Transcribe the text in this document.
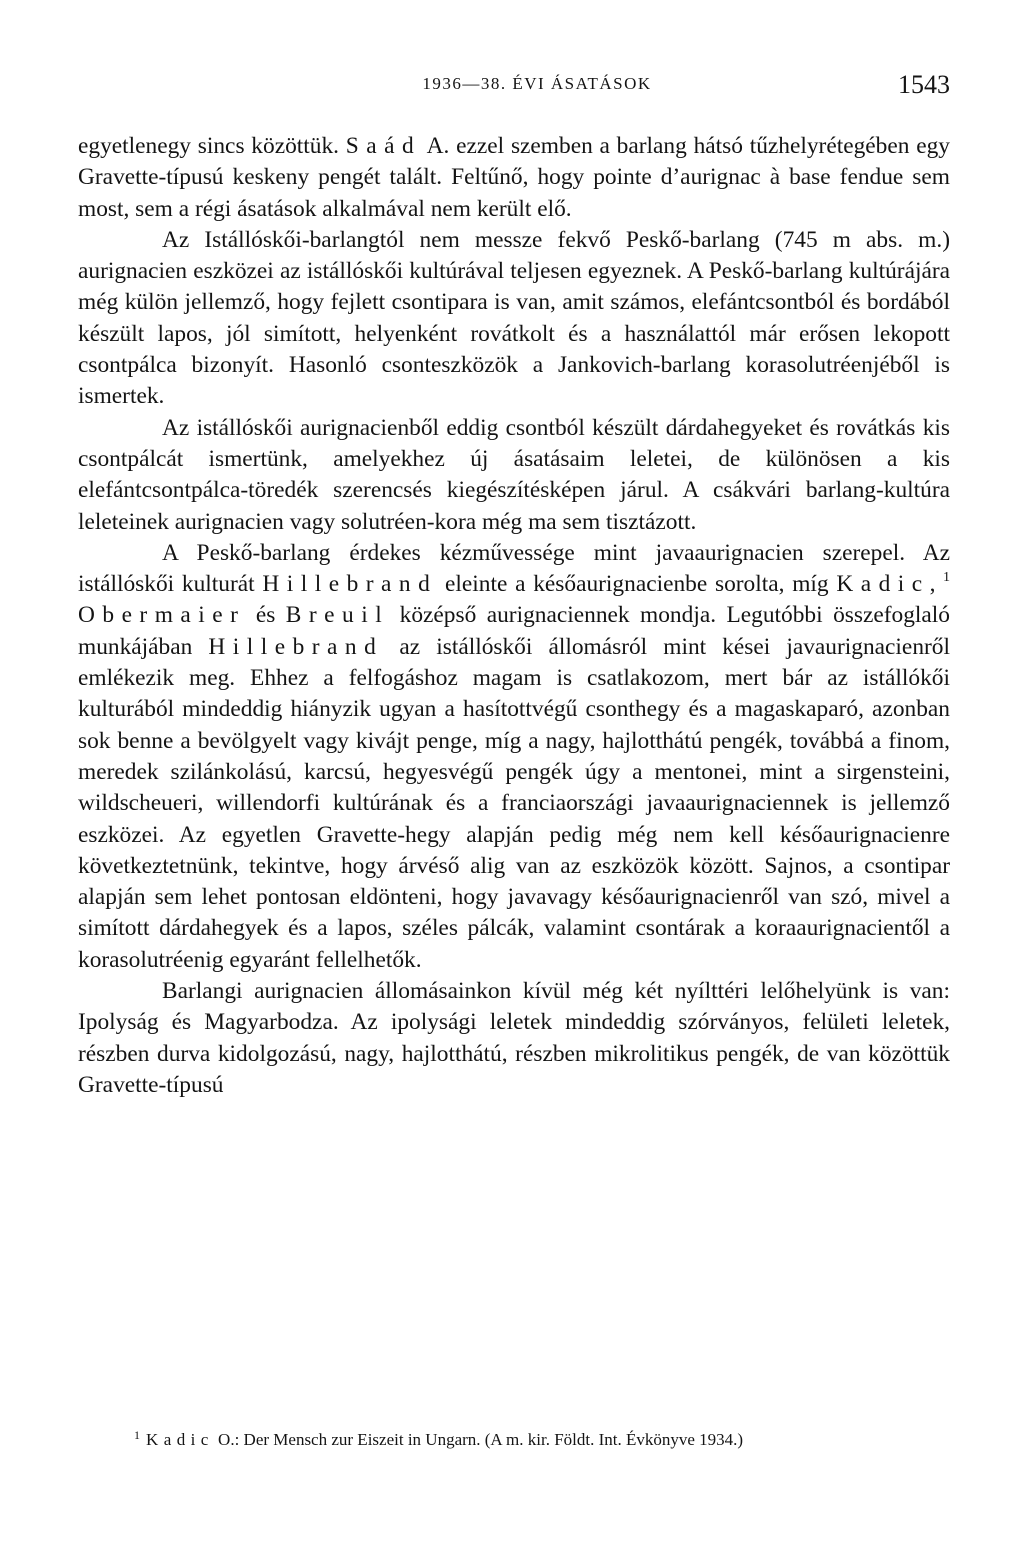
1936—38. ÉVI ÁSATÁSOK	1543

egyetlenegy sincs közöttük. Saád A. ezzel szemben a barlang hátsó tűzhelyrétegében egy Gravette-típusú keskeny pengét talált. Feltűnő, hogy pointe d’aurignac à base fendue sem most, sem a régi ásatások alkalmával nem került elő.

Az Istállóskői-barlangtól nem messze fekvő Peskő-barlang (745 m abs. m.) aurignacien eszközei az istállóskői kultúrával teljesen egyeznek. A Peskő-barlang kultúrájára még külön jellemző, hogy fejlett csontipara is van, amit számos, elefántcsontból és bordából készült lapos, jól simított, helyenként rovátkolt és a használattól már erősen lekopott csontpálca bizonyít. Hasonló csonteszközök a Jankovich-barlang korasolutréenjéből is ismertek.

Az istállóskői aurignacienből eddig csontból készült dárdahegyeket és rovátkás kis csontpálcát ismertünk, amelyekhez új ásatásaim leletei, de különösen a kis elefántcsontpálca-töredék szerencsés kiegészítésképen járul. A csákvári barlang-kultúra leleteinek aurignacien vagy solutréen-kora még ma sem tisztázott.

A Peskő-barlang érdekes kézművessége mint javaaurignacien szerepel. Az istállóskői kulturát Hillebrand eleinte a későaurignacienbe sorolta, míg Kadic,$^1$ Obermaier és Breuil középső aurignaciennek mondja. Legutóbbi összefoglaló munkájában Hillebrand az istállóskői állomásról mint kései javaurignacienről emlékezik meg. Ehhez a felfogáshoz magam is csatlakozom, mert bár az istállókői kulturából mindeddig hiányzik ugyan a hasítottvégű csonthegy és a magaskaparó, azonban sok benne a bevölgyelt vagy kivájt penge, míg a nagy, hajlotthátú pengék, továbbá a finom, meredek szilánkolású, karcsú, hegyesvégű pengék úgy a mentonei, mint a sirgensteini, wildscheueri, willendorfi kultúrának és a franciaországi javaaurignaciennek is jellemző eszközei. Az egyetlen Gravette-hegy alapján pedig még nem kell későaurignacienre következtetnünk, tekintve, hogy árvéső alig van az eszközök között. Sajnos, a csontipar alapján sem lehet pontosan eldönteni, hogy javavagy későaurignacienről van szó, mivel a simított dárdahegyek és a lapos, széles pálcák, valamint csontárak a koraaurignacientől a korasolutréenig egyaránt fellelhetők.

Barlangi aurignacien állomásainkon kívül még két nyílttéri lelőhelyünk is van: Ipolyság és Magyarbodza. Az ipolysági leletek mindeddig szórványos, felületi leletek, részben durva kidolgozású, nagy, hajlotthátú, részben mikrolitikus pengék, de van közöttük Gravette-típusú

$^1$ Kadic O.: Der Mensch zur Eiszeit in Ungarn. (A m. kir. Földt. Int. Évkönyve 1934.)
